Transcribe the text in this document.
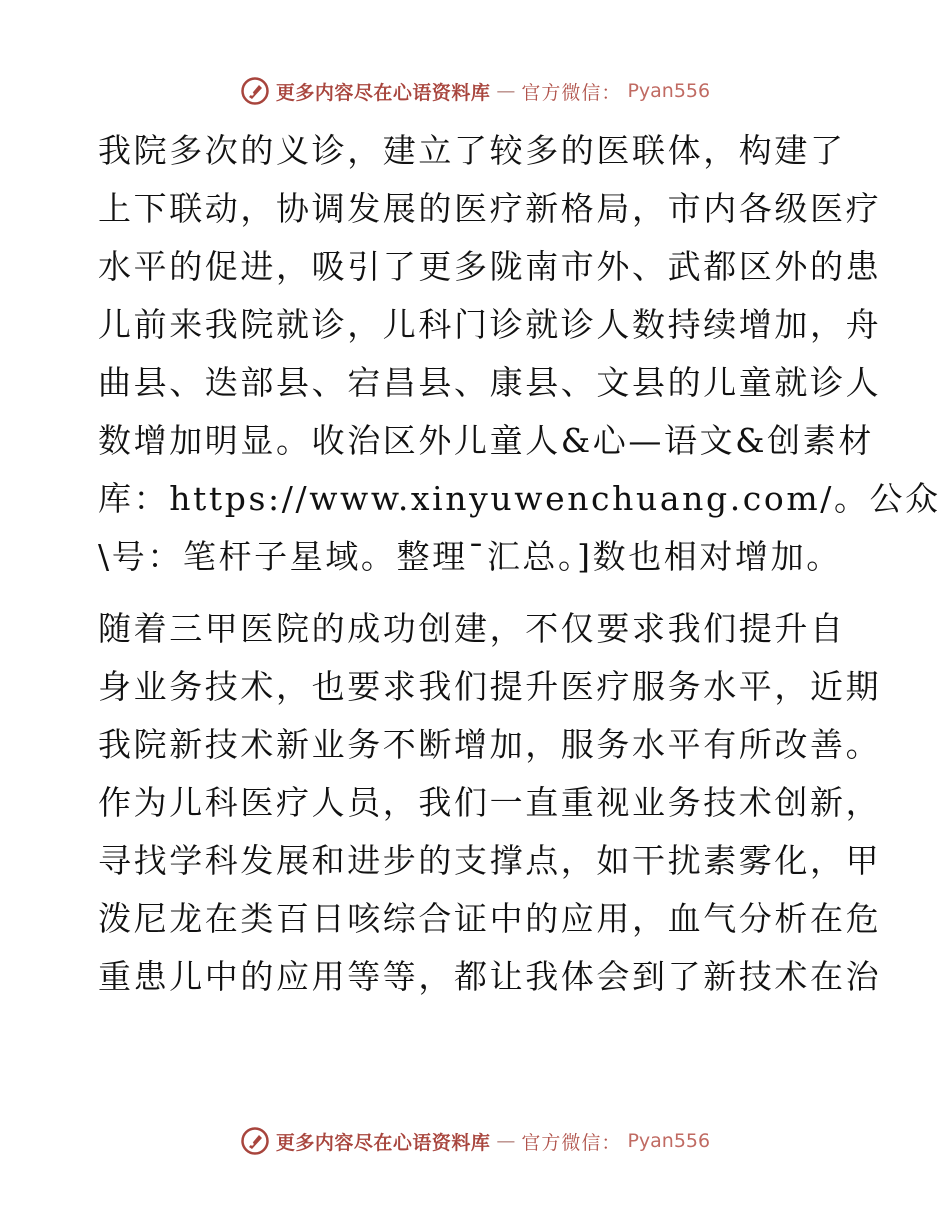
更多内容尽在心语资料库 — 官方微信： Pyan556
我院多次的义诊，建立了较多的医联体，构建了
上下联动，协调发展的医疗新格局，市内各级医疗
水平的促进，吸引了更多陇南市外、武都区外的患
儿前来我院就诊，儿科门诊就诊人数持续增加，舟
曲县、迭部县、宕昌县、康县、文县的儿童就诊人
数增加明显。收治区外儿童人&心—语文&创素材
库：https://www.xinyuwenchuang.com/。公众
\号：笔杆子星域。整理¯汇总。]数也相对增加。
随着三甲医院的成功创建，不仅要求我们提升自
身业务技术，也要求我们提升医疗服务水平，近期
我院新技术新业务不断增加，服务水平有所改善。
作为儿科医疗人员，我们一直重视业务技术创新，
寻找学科发展和进步的支撑点，如干扰素雾化，甲
泼尼龙在类百日咳综合证中的应用，血气分析在危
重患儿中的应用等等，都让我体会到了新技术在治
更多内容尽在心语资料库 — 官方微信： Pyan556
